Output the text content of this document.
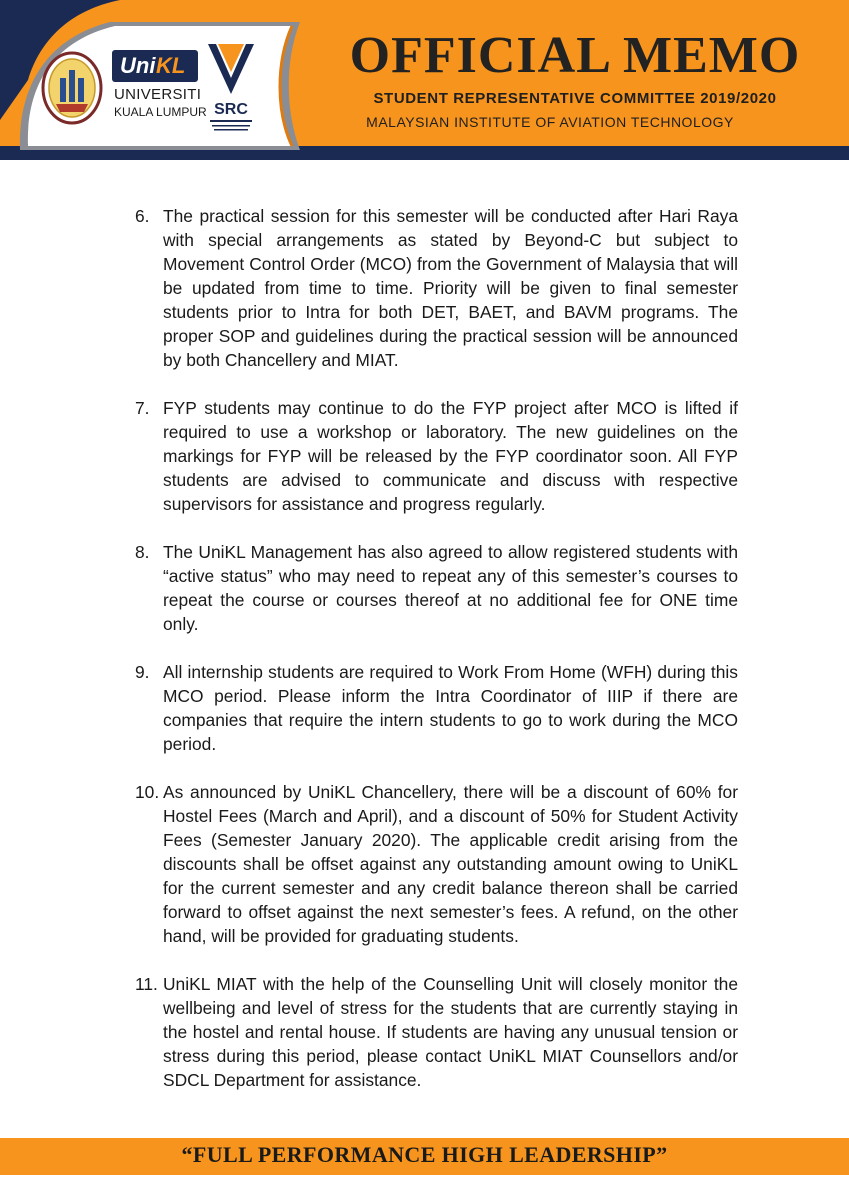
Uni KL
UNIVERSITI
KUALA LUMPUR SRC
OFFICIAL MEMO
STUDENT REPRESENTATIVE COMMITTEE 2019/2020
MALAYSIAN INSTITUTE OF AVIATION TECHNOLOGY
6. The practical session for this semester will be conducted after Hari Raya with special arrangements as stated by Beyond-C but subject to Movement Control Order (MCO) from the Government of Malaysia that will be updated from time to time. Priority will be given to final semester students prior to Intra for both DET, BAET, and BAVM programs. The proper SOP and guidelines during the practical session will be announced by both Chancellery and MIAT.
7. FYP students may continue to do the FYP project after MCO is lifted if required to use a workshop or laboratory. The new guidelines on the markings for FYP will be released by the FYP coordinator soon. All FYP students are advised to communicate and discuss with respective supervisors for assistance and progress regularly.
8. The UniKL Management has also agreed to allow registered students with “active status” who may need to repeat any of this semester’s courses to repeat the course or courses thereof at no additional fee for ONE time only.
9. All internship students are required to Work From Home (WFH) during this MCO period. Please inform the Intra Coordinator of IIIP if there are companies that require the intern students to go to work during the MCO period.
10. As announced by UniKL Chancellery, there will be a discount of 60% for Hostel Fees (March and April), and a discount of 50% for Student Activity Fees (Semester January 2020). The applicable credit arising from the discounts shall be offset against any outstanding amount owing to UniKL for the current semester and any credit balance thereon shall be carried forward to offset against the next semester’s fees. A refund, on the other hand, will be provided for graduating students.
11. UniKL MIAT with the help of the Counselling Unit will closely monitor the wellbeing and level of stress for the students that are currently staying in the hostel and rental house. If students are having any unusual tension or stress during this period, please contact UniKL MIAT Counsellors and/or SDCL Department for assistance.
“FULL PERFORMANCE HIGH LEADERSHIP”
